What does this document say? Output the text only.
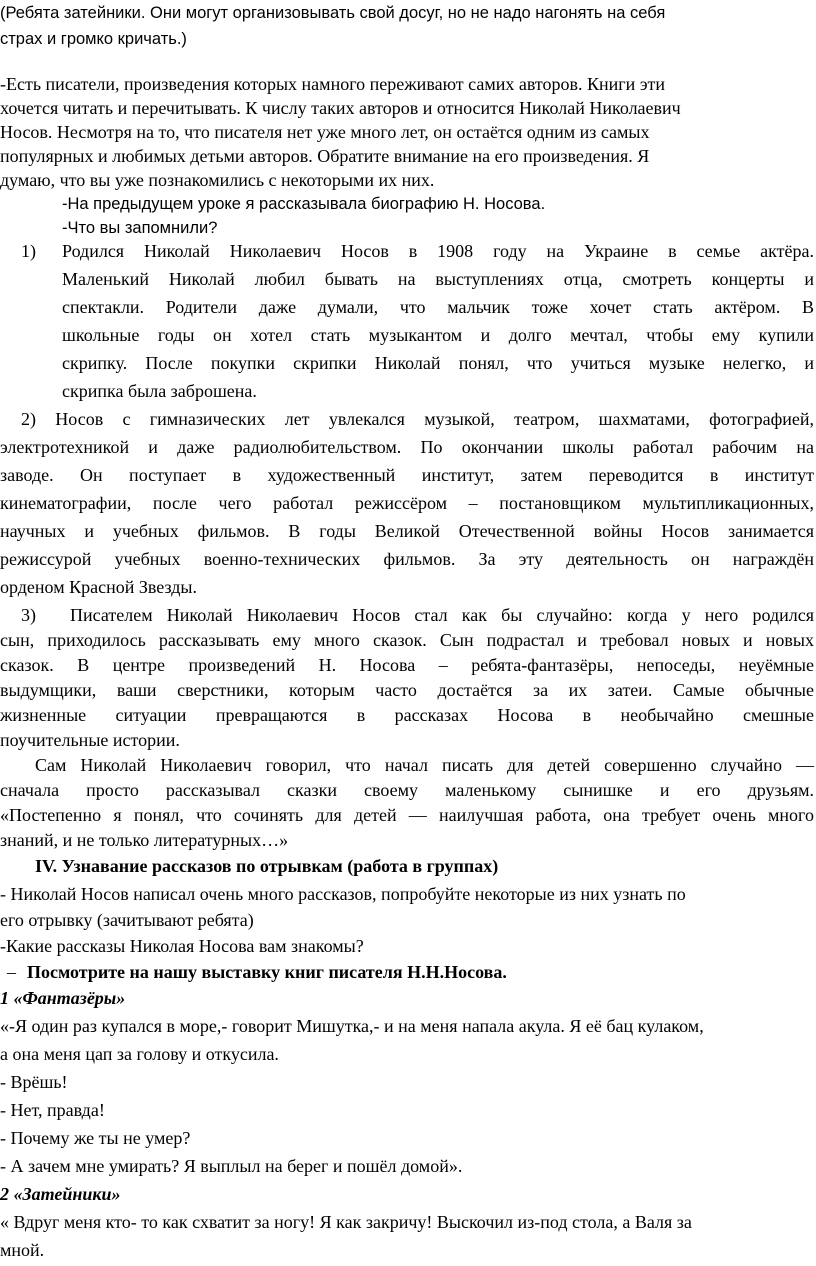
(Ребята затейники. Они могут организовывать свой досуг, но не надо нагонять на себя
страх и громко кричать.)
-Есть писатели, произведения которых намного переживают самих авторов. Книги эти
хочется читать и перечитывать. К числу таких авторов и относится Николай Николаевич
Носов. Несмотря на то, что писателя нет уже много лет, он остаётся одним из самых
популярных и любимых детьми авторов. Обратите внимание на его произведения. Я
думаю, что вы уже познакомились с некоторыми их них.
-На предыдущем уроке я рассказывала биографию Н. Носова.
-Что вы запомнили?
1) Родился Николай Николаевич Носов в 1908 году на Украине в семье актёра.
Маленький Николай любил бывать на выступлениях отца, смотреть концерты и
спектакли. Родители даже думали, что мальчик тоже хочет стать актёром. В
школьные годы он хотел стать музыкантом и долго мечтал, чтобы ему купили
скрипку. После покупки скрипки Николай понял, что учиться музыке нелегко, и
скрипка была заброшена.
2) Носов с гимназических лет увлекался музыкой, театром, шахматами, фотографией,
электротехникой и даже радиолюбительством. По окончании школы работал рабочим на
заводе. Он поступает в художественный институт, затем переводится в институт
кинематографии, после чего работал режиссёром – постановщиком мультипликационных,
научных и учебных фильмов. В годы Великой Отечественной войны Носов занимается
режиссурой учебных военно-технических фильмов. За эту деятельность он награждён
орденом Красной Звезды.
3) Писателем Николай Николаевич Носов стал как бы случайно: когда у него родился
сын, приходилось рассказывать ему много сказок. Сын подрастал и требовал новых и новых
сказок. В центре произведений Н. Носова – ребята-фантазёры, непоседы, неуёмные
выдумщики, ваши сверстники, которым часто достаётся за их затеи. Самые обычные
жизненные ситуации превращаются в рассказах Носова в необычайно смешные
поучительные истории.
Сам Николай Николаевич говорил, что начал писать для детей совершенно случайно —
сначала просто рассказывал сказки своему маленькому сынишке и его друзьям.
«Постепенно я понял, что сочинять для детей — наилучшая работа, она требует очень много
знаний, и не только литературных…»
IV. Узнавание рассказов по отрывкам (работа в группах)
- Николай Носов написал очень много рассказов, попробуйте некоторые из них узнать по
его отрывку (зачитывают ребята)
-Какие рассказы Николая Носова вам знакомы?
– Посмотрите на нашу выставку книг писателя Н.Н.Носова.
1 «Фантазёры»
«-Я один раз купался в море,- говорит Мишутка,- и на меня напала акула. Я её бац кулаком,
а она меня цап за голову и откусила.
- Врёшь!
- Нет, правда!
- Почему же ты не умер?
- А зачем мне умирать? Я выплыл на берег и пошёл домой».
2 «Затейники»
« Вдруг меня кто- то как схватит за ногу! Я как закричу! Выскочил из-под стола, а Валя за
мной.
